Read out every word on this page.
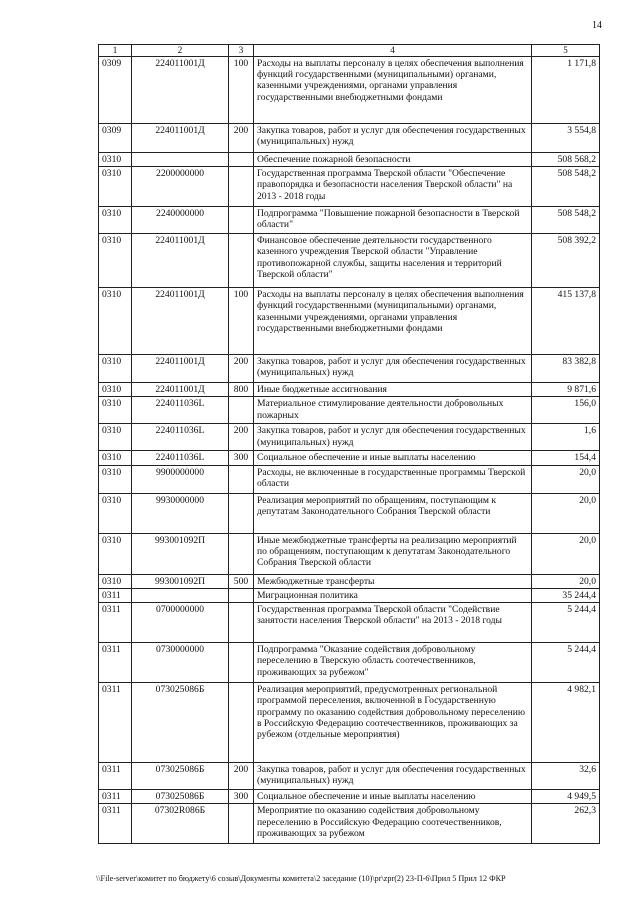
14
1	2	3	4	5
0309	224011001Д	100	Расходы на выплаты персоналу в целях обеспечения выполнения функций государственными (муниципальными) органами, казенными учреждениями, органами управления государственными внебюджетными фондами	1 171,8
0309	224011001Д	200	Закупка товаров, работ и услуг для обеспечения государственных (муниципальных) нужд	3 554,8
0310			Обеспечение пожарной безопасности	508 568,2
0310	2200000000		Государственная программа Тверской области "Обеспечение правопорядка и безопасности населения Тверской области" на 2013 - 2018 годы	508 548,2
0310	2240000000		Подпрограмма "Повышение пожарной безопасности в Тверской области"	508 548,2
0310	224011001Д		Финансовое обеспечение деятельности государственного казенного учреждения Тверской области "Управление противопожарной службы, защиты населения и территорий Тверской области"	508 392,2
0310	224011001Д	100	Расходы на выплаты персоналу в целях обеспечения выполнения функций государственными (муниципальными) органами, казенными учреждениями, органами управления государственными внебюджетными фондами	415 137,8
0310	224011001Д	200	Закупка товаров, работ и услуг для обеспечения государственных (муниципальных) нужд	83 382,8
0310	224011001Д	800	Иные бюджетные ассигнования	9 871,6
0310	224011036L		Материальное стимулирование деятельности добровольных пожарных	156,0
0310	224011036L	200	Закупка товаров, работ и услуг для обеспечения государственных (муниципальных) нужд	1,6
0310	224011036L	300	Социальное обеспечение и иные выплаты населению	154,4
0310	9900000000		Расходы, не включенные в государственные программы Тверской области	20,0
0310	9930000000		Реализация мероприятий по обращениям, поступающим к депутатам Законодательного Собрания Тверской области	20,0
0310	993001092П		Иные межбюджетные трансферты на реализацию мероприятий по обращениям, поступающим к депутатам Законодательного Собрания Тверской области	20,0
0310	993001092П	500	Межбюджетные трансферты	20,0
0311			Миграционная политика	35 244,4
0311	0700000000		Государственная программа Тверской области "Содействие занятости населения Тверской области" на 2013 - 2018 годы	5 244,4
0311	0730000000		Подпрограмма "Оказание содействия добровольному переселению в Тверскую область соотечественников, проживающих за рубежом"	5 244,4
0311	073025086Б		Реализация мероприятий, предусмотренных региональной программой переселения, включенной в Государственную программу по оказанию содействия добровольному переселению в Российскую Федерацию соотечественников, проживающих за рубежом (отдельные мероприятия)	4 982,1
0311	073025086Б	200	Закупка товаров, работ и услуг для обеспечения государственных (муниципальных) нужд	32,6
0311	073025086Б	300	Социальное обеспечение и иные выплаты населению	4 949,5
0311	07302R086Б		Мероприятие по оказанию содействия добровольному переселению в Российскую Федерацию соотечественников, проживающих за рубежом	262,3
\\File-server\комитет по бюджету\6 созыв\Документы комитета\2 заседание (10)\pr\zpr(2) 23-П-6\Прил 5 Прил 12 ФКР
